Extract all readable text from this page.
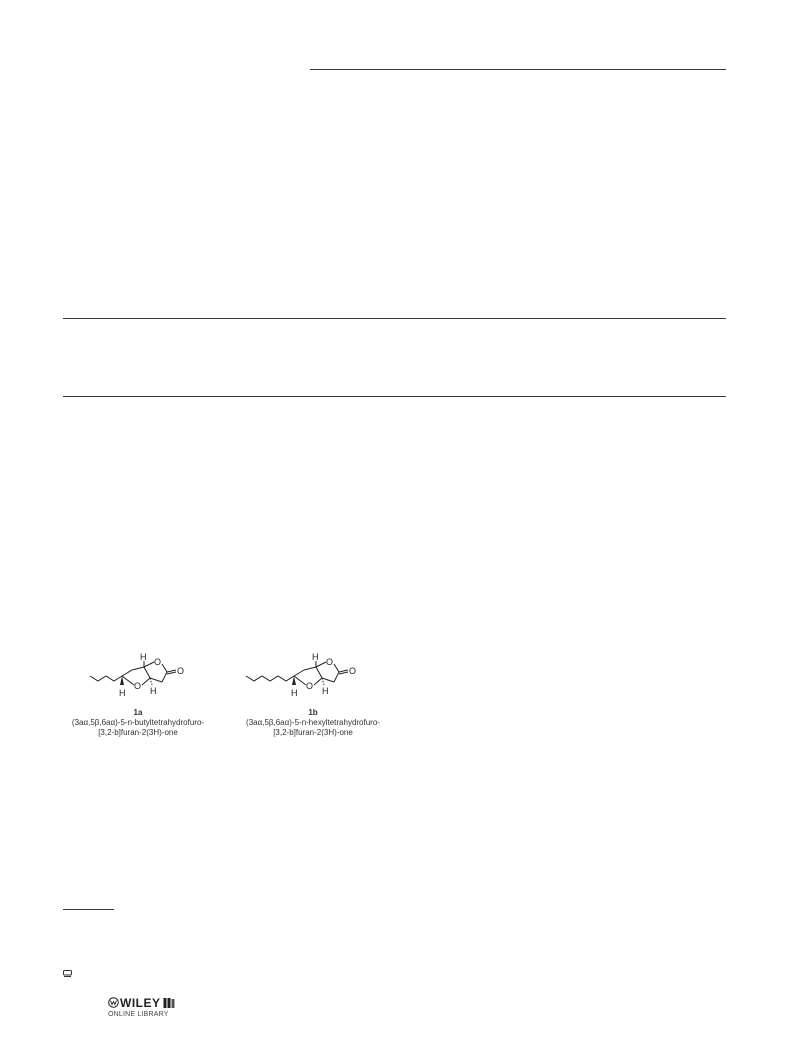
H O
O
O
H	H
1a
(3aα,5β,6aα)-5-n-butyltetrahydrofuro-
[3,2-b]furan-2(3H)-one
H O
O
O
H	H
1b
(3aα,5β,6aα)-5-n-hexyltetrahydrofuro-
[3,2-b]furan-2(3H)-one
WILEY
ONLINE LIBRARY
